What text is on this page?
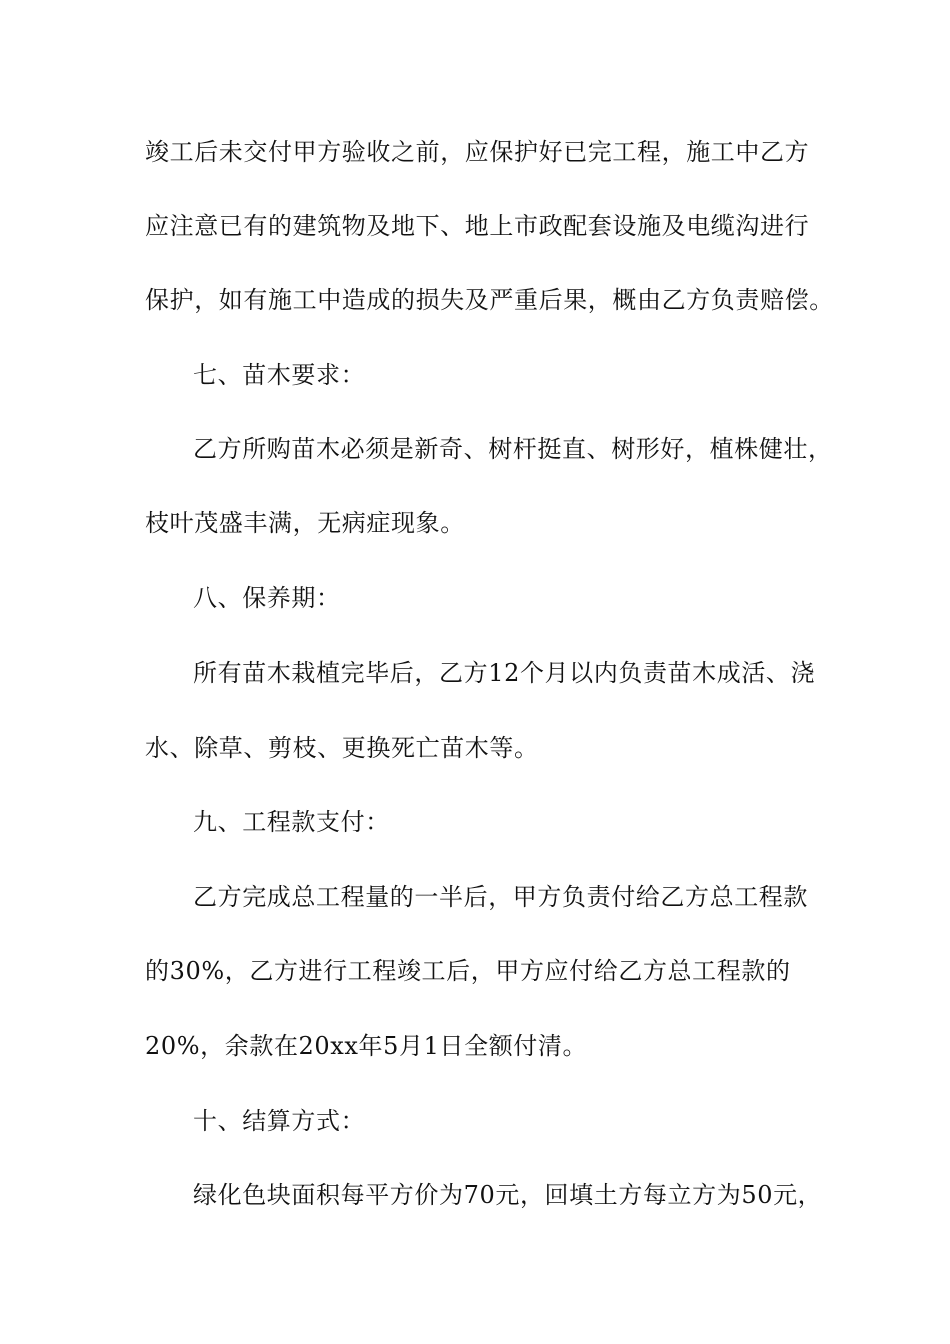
竣工后未交付甲方验收之前，应保护好已完工程，施工中乙方
应注意已有的建筑物及地下、地上市政配套设施及电缆沟进行
保护，如有施工中造成的损失及严重后果，概由乙方负责赔偿。
七、苗木要求：
乙方所购苗木必须是新奇、树杆挺直、树形好，植株健壮，
枝叶茂盛丰满，无病症现象。
八、保养期：
所有苗木栽植完毕后，乙方12个月以内负责苗木成活、浇
水、除草、剪枝、更换死亡苗木等。
九、工程款支付：
乙方完成总工程量的一半后，甲方负责付给乙方总工程款
的30%，乙方进行工程竣工后，甲方应付给乙方总工程款的
20%，余款在20xx年5月1日全额付清。
十、结算方式：
绿化色块面积每平方价为70元，回填土方每立方为50元，
